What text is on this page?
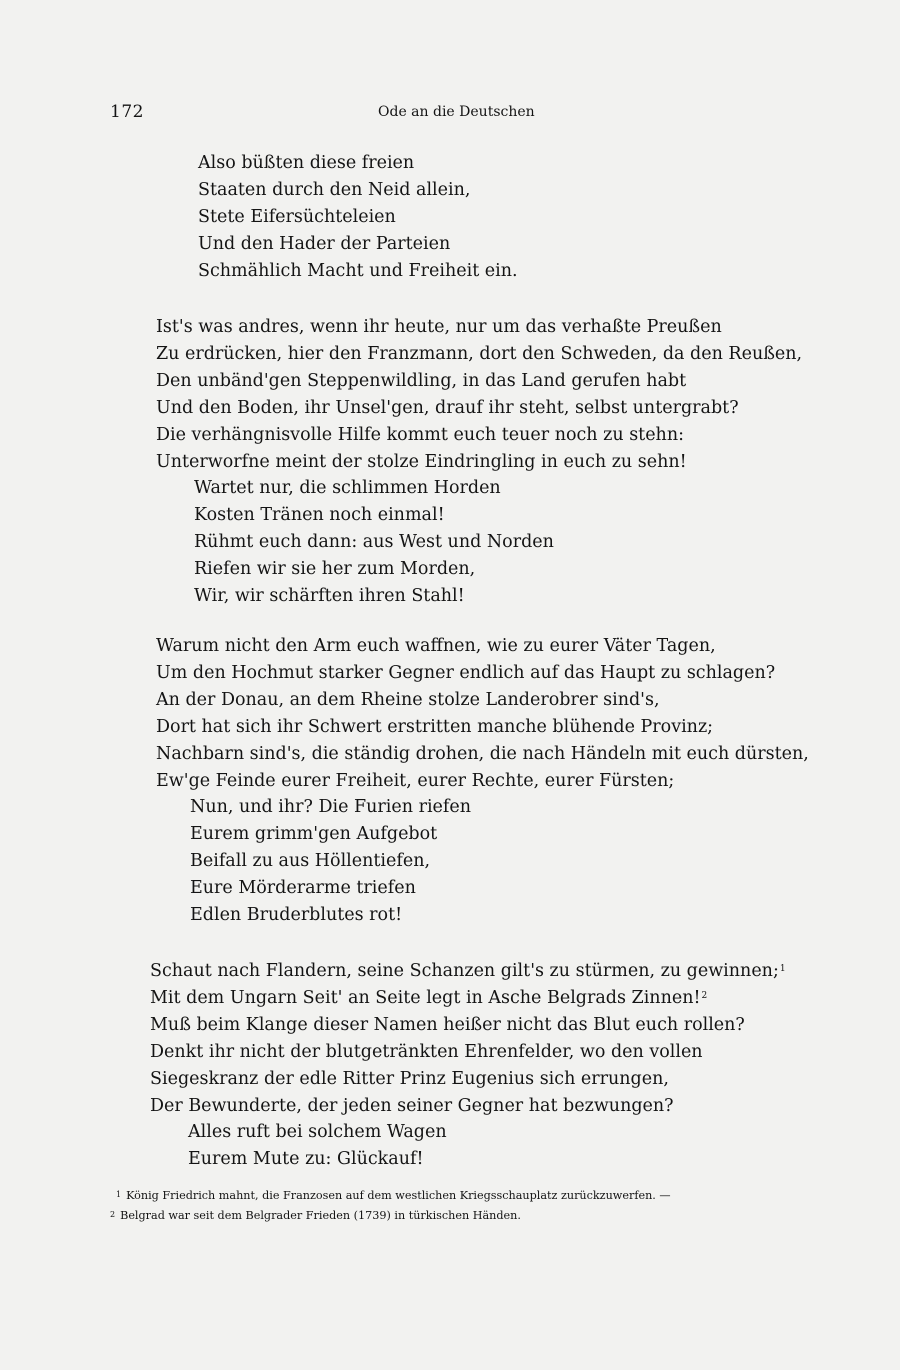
172	Ode an die Deutschen
Also büßten diese freien
Staaten durch den Neid allein,
Stete Eifersüchteleien
Und den Hader der Parteien
Schmählich Macht und Freiheit ein.
Ist's was andres, wenn ihr heute, nur um das verhaßte Preußen
Zu erdrücken, hier den Franzmann, dort den Schweden, da den Reußen,
Den unbänd'gen Steppenwildling, in das Land gerufen habt
Und den Boden, ihr Unsel'gen, drauf ihr steht, selbst untergrabt?
Die verhängnisvolle Hilfe kommt euch teuer noch zu stehn:
Unterworfne meint der stolze Eindringling in euch zu sehn!
Wartet nur, die schlimmen Horden
Kosten Tränen noch einmal!
Rühmt euch dann: aus West und Norden
Riefen wir sie her zum Morden,
Wir, wir schärften ihren Stahl!
Warum nicht den Arm euch waffnen, wie zu eurer Väter Tagen,
Um den Hochmut starker Gegner endlich auf das Haupt zu schlagen?
An der Donau, an dem Rheine stolze Landerobrer sind's,
Dort hat sich ihr Schwert erstritten manche blühende Provinz;
Nachbarn sind's, die ständig drohen, die nach Händeln mit euch dürsten,
Ew'ge Feinde eurer Freiheit, eurer Rechte, eurer Fürsten;
Nun, und ihr? Die Furien riefen
Eurem grimm'gen Aufgebot
Beifall zu aus Höllentiefen,
Eure Mörderarme triefen
Edlen Bruderblutes rot!
Schaut nach Flandern, seine Schanzen gilt's zu stürmen, zu gewinnen;$^1$
Mit dem Ungarn Seit' an Seite legt in Asche Belgrads Zinnen!$^2$
Muß beim Klange dieser Namen heißer nicht das Blut euch rollen?
Denkt ihr nicht der blutgetränkten Ehrenfelder, wo den vollen
Siegeskranz der edle Ritter Prinz Eugenius sich errungen,
Der Bewunderte, der jeden seiner Gegner hat bezwungen?
Alles ruft bei solchem Wagen
Eurem Mute zu: Glückauf!
$^1$ König Friedrich mahnt, die Franzosen auf dem westlichen Kriegsschauplatz zurückzuwerfen. —
$^2$ Belgrad war seit dem Belgrader Frieden (1739) in türkischen Händen.
